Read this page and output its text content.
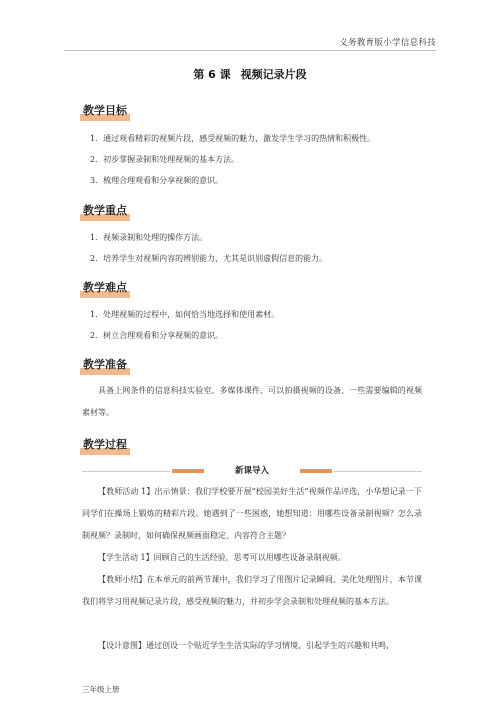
义务教育版小学信息科技
第 6 课 视频记录片段
教学目标
1．通过观看精彩的视频片段，感受视频的魅力，激发学生学习的热情和积极性。
2．初步掌握录制和处理视频的基本方法。
3．梳理合理观看和分享视频的意识。
教学重点
1．视频录制和处理的操作方法。
2．培养学生对视频内容的辨别能力，尤其是识别虚假信息的能力。
教学难点
1．处理视频的过程中，如何恰当地选择和使用素材。
2．树立合理观看和分享视频的意识。
教学准备
具备上网条件的信息科技实验室、多媒体课件、可以拍摄视频的设备、一些需要编辑的视频素材等。
教学过程
新课导入
【教师活动 1】出示情景：我们学校要开展“校园美好生活”视频作品评选，小华想记录一下同学们在操场上锻炼的精彩片段。她遇到了一些困惑，她想知道：用哪些设备录制视频？怎么录制视频？录制时，如何确保视频画面稳定、内容符合主题？
【学生活动 1】回顾自己的生活经验，思考可以用哪些设备录制视频。
【教师小结】在本单元的前两节课中，我们学习了用图片记录瞬间、美化处理图片，本节课我们将学习用视频记录片段，感受视频的魅力，并初步学会录制和处理视频的基本方法。
【设计意图】通过创设一个贴近学生生活实际的学习情境，引起学生的兴趣和共鸣，
三年级上册
